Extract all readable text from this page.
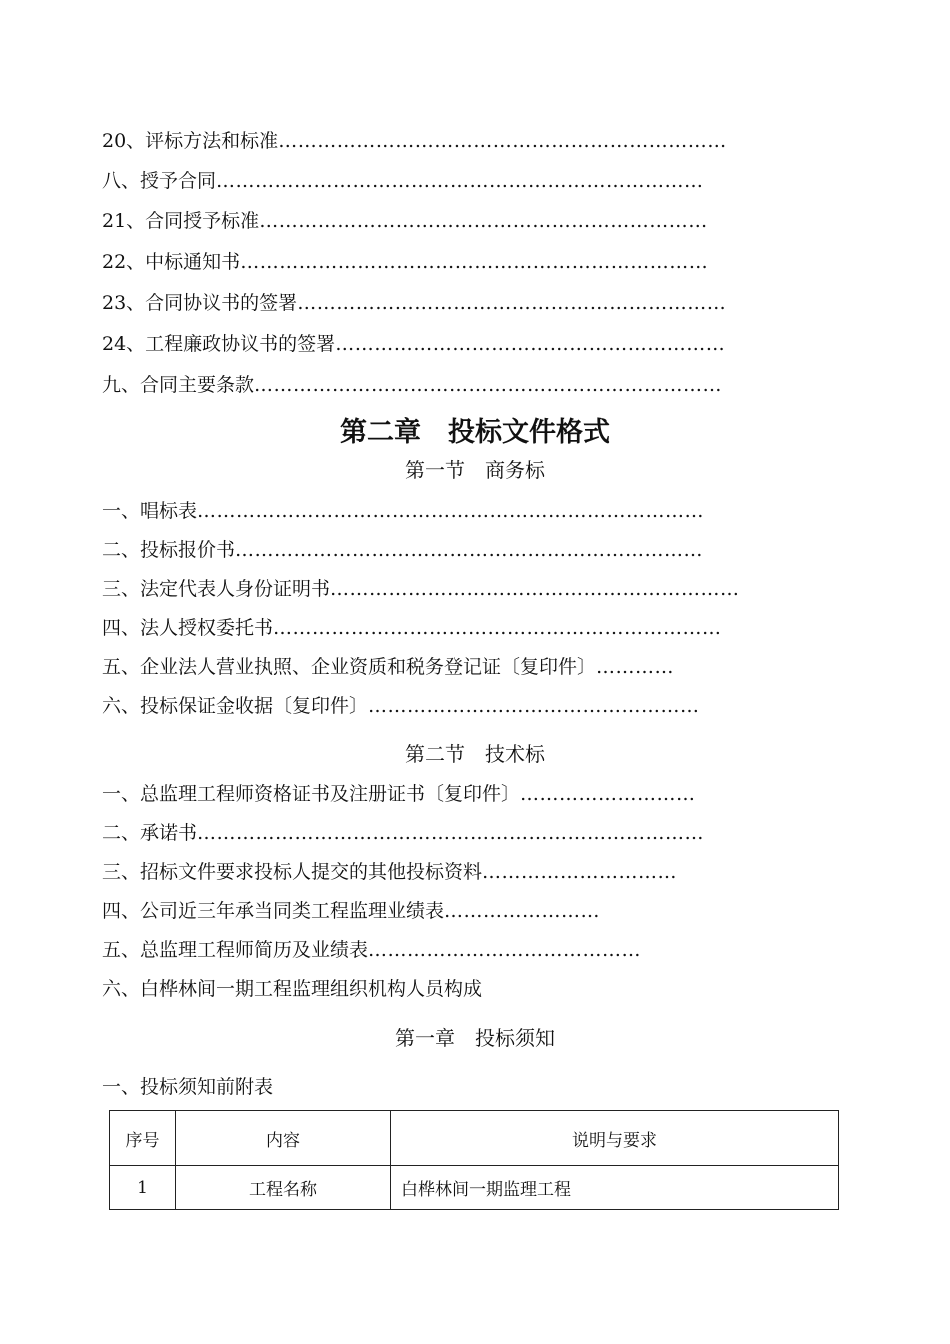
20、评标方法和标准 ……………………………………………………………
八、授予合同 …………………………………………………………………
21、合同授予标准 ……………………………………………………………
22、中标通知书 ………………………………………………………………
23、合同协议书的签署 …………………………………………………………
24、工程廉政协议书的签署 ……………………………………………………
九、合同主要条款 ………………………………………………………………
第二章　投标文件格式
第一节　商务标
一、唱标表 ……………………………………………………………………
二、投标报价书 ………………………………………………………………
三、法定代表人身份证明书 ………………………………………………………
四、法人授权委托书 ……………………………………………………………
五、企业法人营业执照、企业资质和税务登记证〔复印件〕 …………
六、投标保证金收据〔复印件〕 ……………………………………………
第二节　技术标
一、总监理工程师资格证书及注册证书〔复印件〕 ………………………
二、承诺书 ……………………………………………………………………
三、招标文件要求投标人提交的其他投标资料 …………………………
四、公司近三年承当同类工程监理业绩表 ……………………
五、总监理工程师简历及业绩表 ……………………………………
六、白桦林间一期工程监理组织机构人员构成
第一章　投标须知
一、投标须知前附表
序号	内容	说明与要求
1	工程名称	白桦林间一期监理工程
